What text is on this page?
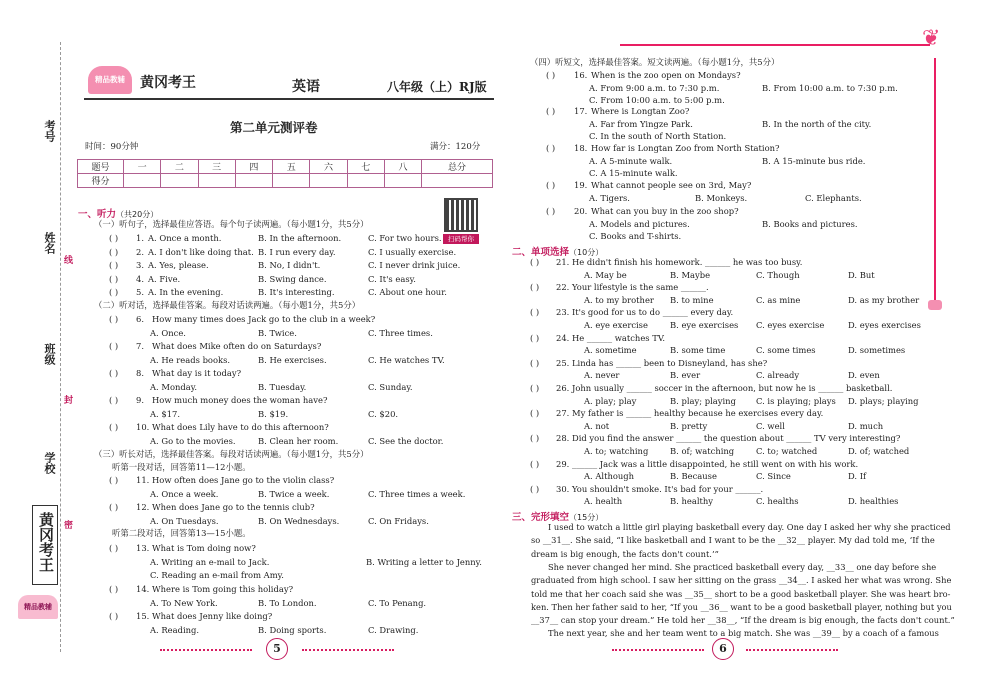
考号
姓名
线
班级
封
学校
密
黄冈考王
精品教辅
精品教辅	黄冈考王	英语	八年级（上）RJ版
第二单元测评卷
时间：90分钟	满分：120分
题号	一	二	三	四	五	六	七	八	总分
得分									
扫码帮你
一、听力（共20分）
（一）听句子，选择最佳应答语。每个句子读两遍。（每小题1分，共5分）
( ) 1. A. Once a month.	B. In the afternoon.	C. For two hours.
( ) 2. A. I don't like doing that. B. I run every day.	C. I usually exercise.
( ) 3. A. Yes, please.	B. No, I didn't.	C. I never drink juice.
( ) 4. A. Five.	B. Swing dance.	C. It's easy.
( ) 5. A. In the evening.	B. It's interesting.	C. About one hour.
（二）听对话，选择最佳答案。每段对话读两遍。（每小题1分，共5分）
( ) 6. How many times does Jack go to the club in a week?
A. Once.	B. Twice.	C. Three times.
( ) 7. What does Mike often do on Saturdays?
A. He reads books.	B. He exercises.	C. He watches TV.
( ) 8. What day is it today?
A. Monday.	B. Tuesday.	C. Sunday.
( ) 9. How much money does the woman have?
A. $17.	B. $19.	C. $20.
( ) 10. What does Lily have to do this afternoon?
A. Go to the movies.	B. Clean her room.	C. See the doctor.
（三）听长对话，选择最佳答案。每段对话读两遍。（每小题1分，共5分）
听第一段对话，回答第11—12小题。
听第二段对话，回答第13—15小题。
( ) 11. How often does Jane go to the violin class?
A. Once a week.	B. Twice a week.	C. Three times a week.
( ) 12. When does Jane go to the tennis club?
A. On Tuesdays.	B. On Wednesdays.	C. On Fridays.
( ) 13. What is Tom doing now?
A. Writing an e-mail to Jack.	B. Writing a letter to Jenny.
C. Reading an e-mail from Amy.
( ) 14. Where is Tom going this holiday?
A. To New York.	B. To London.	C. To Penang.
( ) 15. What does Jenny like doing?
A. Reading.	B. Doing sports.	C. Drawing.
5
❦
（四）听短文，选择最佳答案。短文读两遍。（每小题1分，共5分）
( ) 16. When is the zoo open on Mondays?
A. From 9:00 a.m. to 7:30 p.m.	B. From 10:00 a.m. to 7:30 p.m.
C. From 10:00 a.m. to 5:00 p.m.
( ) 17. Where is Longtan Zoo?
A. Far from Yingze Park.	B. In the north of the city.
C. In the south of North Station.
( ) 18. How far is Longtan Zoo from North Station?
A. A 5-minute walk.	B. A 15-minute bus ride.
C. A 15-minute walk.
( ) 19. What cannot people see on 3rd, May?
A. Tigers.	B. Monkeys.	C. Elephants.
( ) 20. What can you buy in the zoo shop?
A. Models and pictures.	B. Books and pictures.
C. Books and T-shirts.
二、单项选择（10分）
( ) 21. He didn't finish his homework. ______ he was too busy.
A. May be	B. Maybe	C. Though	D. But
( ) 22. Your lifestyle is the same ______.
A. to my brother B. to mine	C. as mine	D. as my brother
( ) 23. It's good for us to do ______ every day.
A. eye exercise	B. eye exercises C. eyes exercise	D. eyes exercises
( ) 24. He ______ watches TV.
A. sometime	B. some time	C. some times	D. sometimes
( ) 25. Linda has ______ been to Disneyland, has she?
A. never	B. ever	C. already	D. even
( ) 26. John usually ______ soccer in the afternoon, but now he is ______ basketball.
A. play; play	B. play; playing C. is playing; plays D. plays; playing
( ) 27. My father is ______ healthy because he exercises every day.
A. not	B. pretty	C. well	D. much
( ) 28. Did you find the answer ______ the question about ______ TV very interesting?
A. to; watching	B. of; watching	C. to; watched	D. of; watched
( ) 29. ______ Jack was a little disappointed, he still went on with his work.
A. Although	B. Because	C. Since	D. If
( ) 30. You shouldn't smoke. It's bad for your ______.
A. health	B. healthy	C. healths	D. healthies
三、完形填空（15分）
I used to watch a little girl playing basketball every day. One day I asked her why she practiced
so __31__. She said, “I like basketball and I want to be the __32__ player. My dad told me, ‘If the
dream is big enough, the facts don't count.’”
She never changed her mind. She practiced basketball every day, __33__ one day before she
graduated from high school. I saw her sitting on the grass __34__. I asked her what was wrong. She
told me that her coach said she was __35__ short to be a good basketball player. She was heart bro-
ken. Then her father said to her, “If you __36__ want to be a good basketball player, nothing but you
__37__ can stop your dream.” He told her __38__, “If the dream is big enough, the facts don't count.”
The next year, she and her team went to a big match. She was __39__ by a coach of a famous
6
